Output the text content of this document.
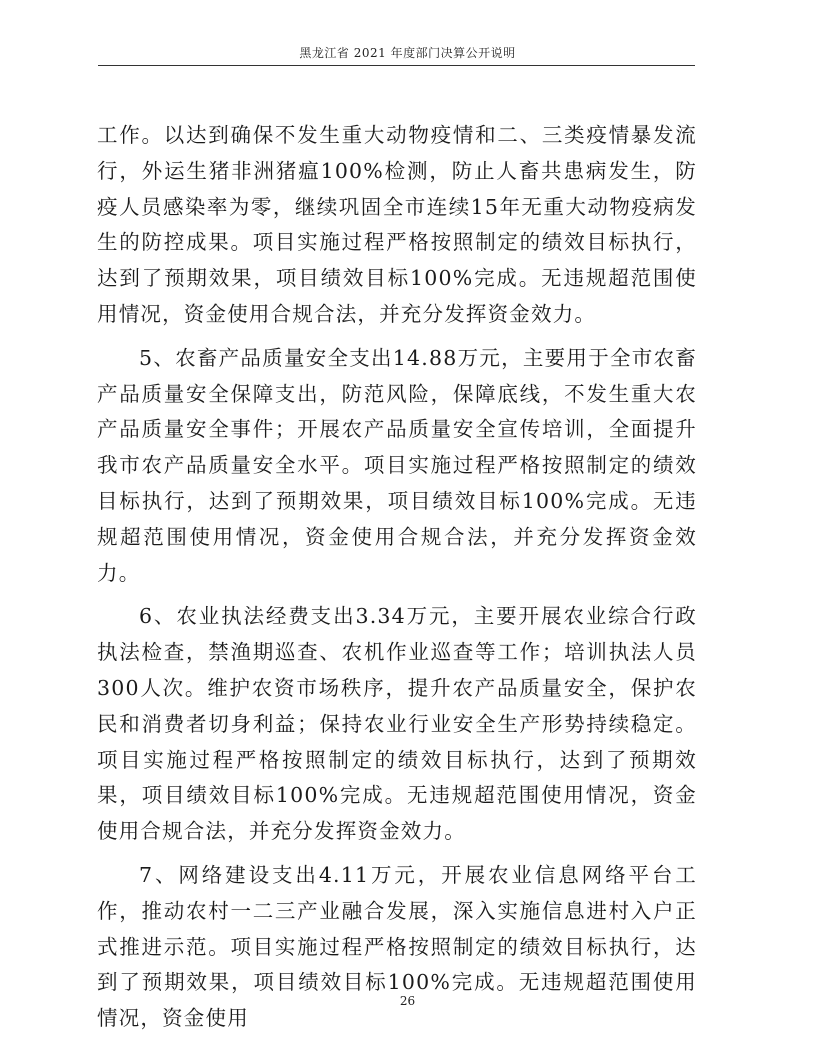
黑龙江省 2021 年度部门决算公开说明

工作。以达到确保不发生重大动物疫情和二、三类疫情暴发流行，外运生猪非洲猪瘟100%检测，防止人畜共患病发生，防疫人员感染率为零，继续巩固全市连续15年无重大动物疫病发生的防控成果。项目实施过程严格按照制定的绩效目标执行，达到了预期效果，项目绩效目标100%完成。无违规超范围使用情况，资金使用合规合法，并充分发挥资金效力。

5、农畜产品质量安全支出14.88万元，主要用于全市农畜产品质量安全保障支出，防范风险，保障底线，不发生重大农产品质量安全事件；开展农产品质量安全宣传培训，全面提升我市农产品质量安全水平。项目实施过程严格按照制定的绩效目标执行，达到了预期效果，项目绩效目标100%完成。无违规超范围使用情况，资金使用合规合法，并充分发挥资金效力。

6、农业执法经费支出3.34万元，主要开展农业综合行政执法检查，禁渔期巡查、农机作业巡查等工作；培训执法人员300人次。维护农资市场秩序，提升农产品质量安全，保护农民和消费者切身利益；保持农业行业安全生产形势持续稳定。项目实施过程严格按照制定的绩效目标执行，达到了预期效果，项目绩效目标100%完成。无违规超范围使用情况，资金使用合规合法，并充分发挥资金效力。

7、网络建设支出4.11万元，开展农业信息网络平台工作，推动农村一二三产业融合发展，深入实施信息进村入户正式推进示范。项目实施过程严格按照制定的绩效目标执行，达到了预期效果，项目绩效目标100%完成。无违规超范围使用情况，资金使用

26
